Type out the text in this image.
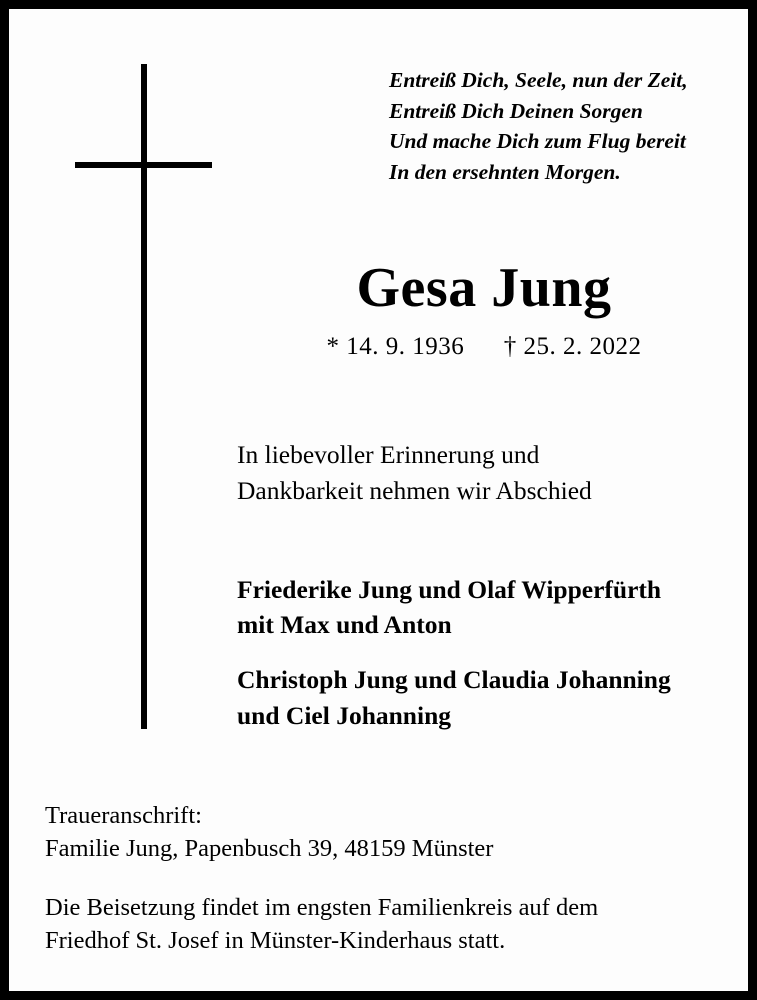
Entreiß Dich, Seele, nun der Zeit,
Entreiß Dich Deinen Sorgen
Und mache Dich zum Flug bereit
In den ersehnten Morgen.
Gesa Jung
* 14. 9. 1936 † 25. 2. 2022
In liebevoller Erinnerung und
Dankbarkeit nehmen wir Abschied
Friederike Jung und Olaf Wipperfürth
mit Max und Anton
Christoph Jung und Claudia Johanning
und Ciel Johanning
Traueranschrift:
Familie Jung, Papenbusch 39, 48159 Münster
Die Beisetzung findet im engsten Familienkreis auf dem
Friedhof St. Josef in Münster-Kinderhaus statt.
